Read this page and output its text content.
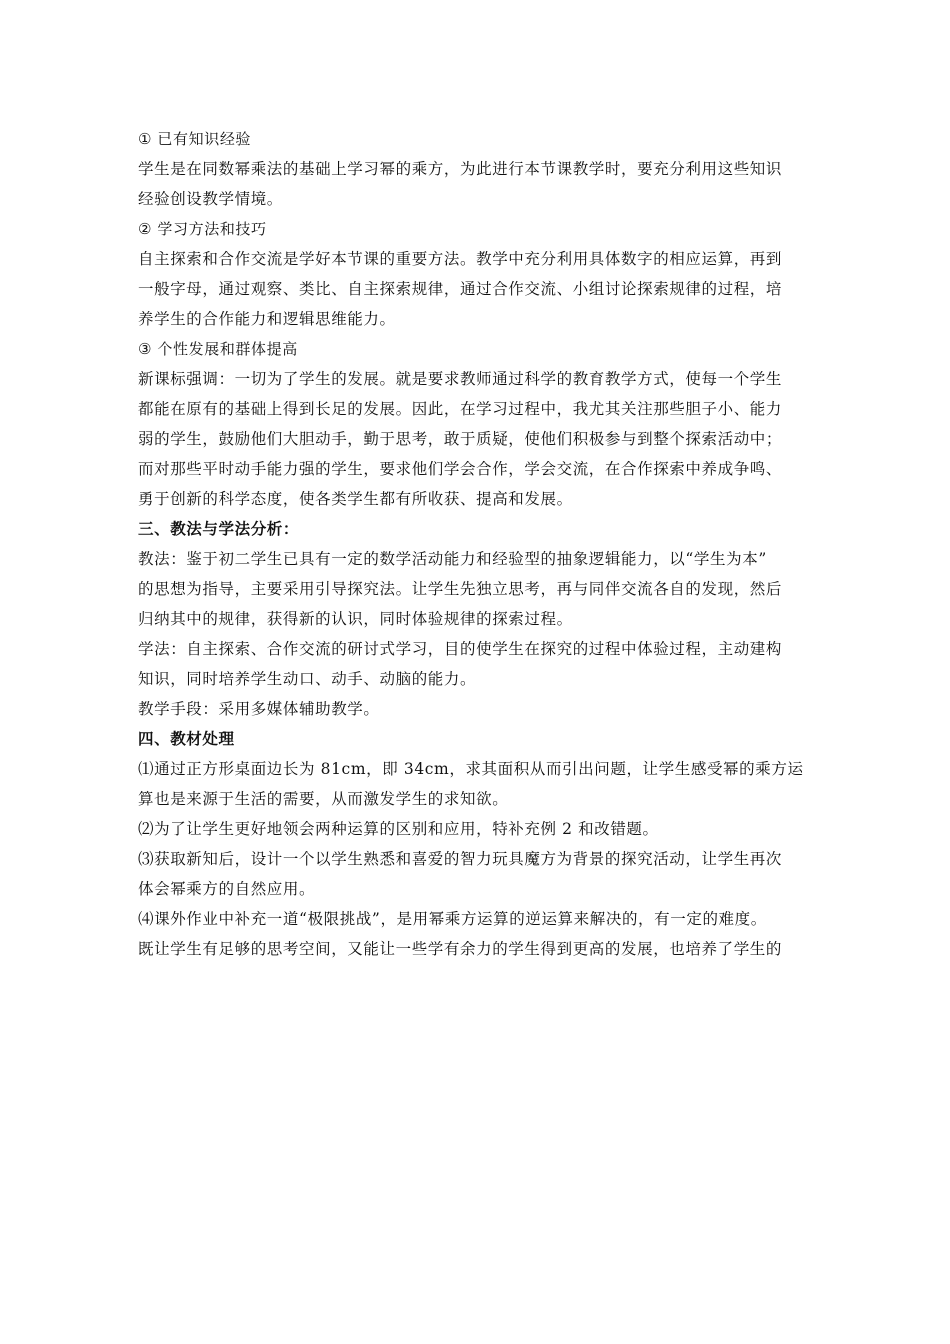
① 已有知识经验
学生是在同数幂乘法的基础上学习幂的乘方，为此进行本节课教学时，要充分利用这些知识
经验创设教学情境。
② 学习方法和技巧
自主探索和合作交流是学好本节课的重要方法。教学中充分利用具体数字的相应运算，再到
一般字母，通过观察、类比、自主探索规律，通过合作交流、小组讨论探索规律的过程，培
养学生的合作能力和逻辑思维能力。
③ 个性发展和群体提高
新课标强调：一切为了学生的发展。就是要求教师通过科学的教育教学方式，使每一个学生
都能在原有的基础上得到长足的发展。因此，在学习过程中，我尤其关注那些胆子小、能力
弱的学生，鼓励他们大胆动手，勤于思考，敢于质疑，使他们积极参与到整个探索活动中；
而对那些平时动手能力强的学生，要求他们学会合作，学会交流，在合作探索中养成争鸣、
勇于创新的科学态度，使各类学生都有所收获、提高和发展。
三、教法与学法分析：
教法：鉴于初二学生已具有一定的数学活动能力和经验型的抽象逻辑能力，以“学生为本”
的思想为指导，主要采用引导探究法。让学生先独立思考，再与同伴交流各自的发现，然后
归纳其中的规律，获得新的认识，同时体验规律的探索过程。
学法：自主探索、合作交流的研讨式学习，目的使学生在探究的过程中体验过程，主动建构
知识，同时培养学生动口、动手、动脑的能力。
教学手段：采用多媒体辅助教学。
四、教材处理
⑴通过正方形桌面边长为 81cm，即 34cm，求其面积从而引出问题，让学生感受幂的乘方运
算也是来源于生活的需要，从而激发学生的求知欲。
⑵为了让学生更好地领会两种运算的区别和应用，特补充例 2 和改错题。
⑶获取新知后，设计一个以学生熟悉和喜爱的智力玩具魔方为背景的探究活动，让学生再次
体会幂乘方的自然应用。
⑷课外作业中补充一道“极限挑战”，是用幂乘方运算的逆运算来解决的，有一定的难度。
既让学生有足够的思考空间，又能让一些学有余力的学生得到更高的发展，也培养了学生的
